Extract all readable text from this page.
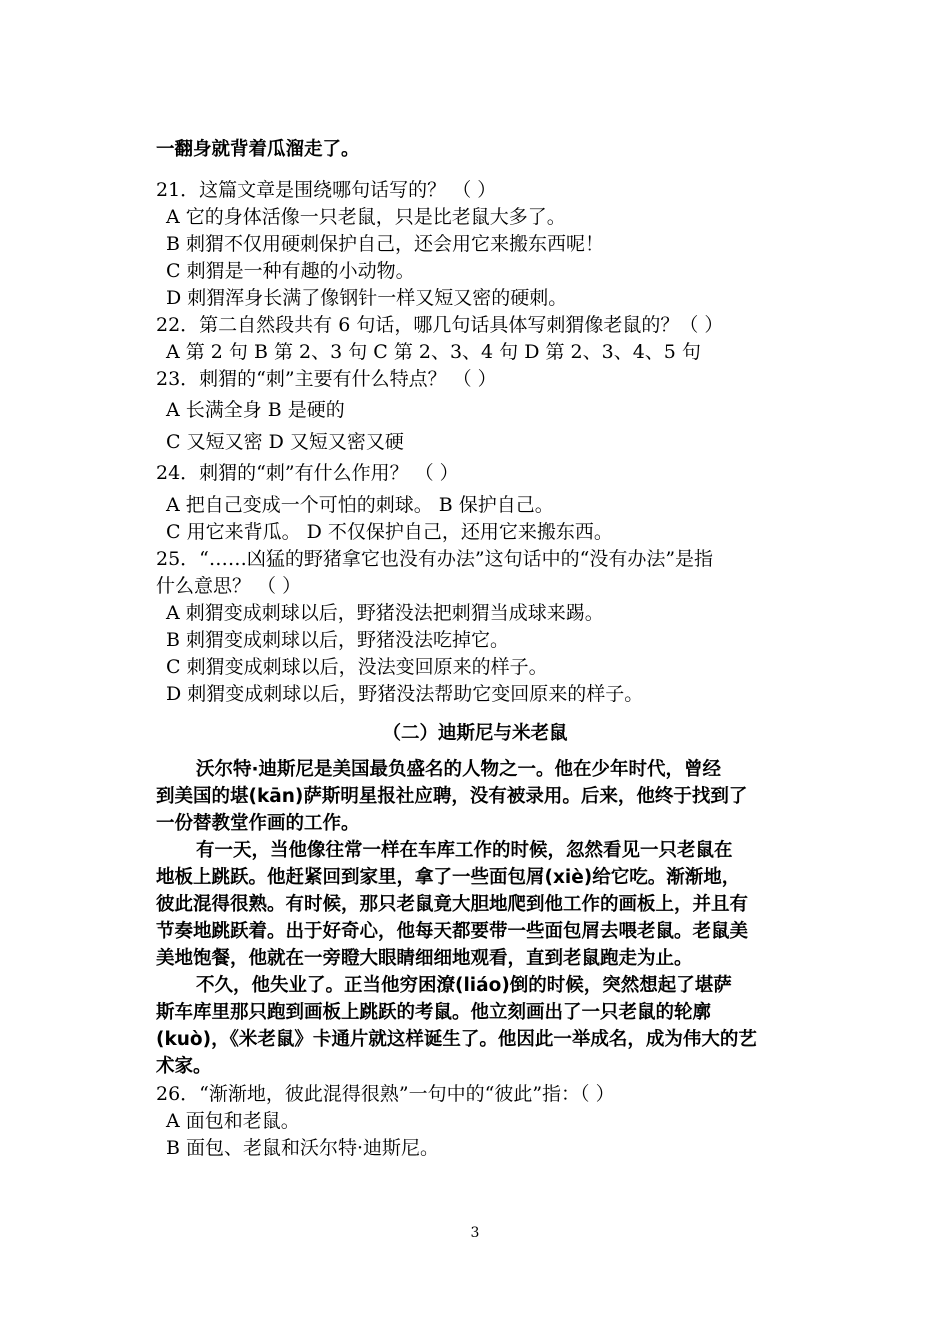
一翻身就背着瓜溜走了。
21．这篇文章是围绕哪句话写的？ （ ）
A 它的身体活像一只老鼠，只是比老鼠大多了。
B 刺猬不仅用硬刺保护自己，还会用它来搬东西呢！
C 刺猬是一种有趣的小动物。
D 刺猬浑身长满了像钢针一样又短又密的硬刺。
22．第二自然段共有 6 句话，哪几句话具体写刺猬像老鼠的？（ ）
A 第 2 句 B 第 2、3 句 C 第 2、3、4 句 D 第 2、3、4、5 句
23．刺猬的“刺”主要有什么特点？ （ ）
A 长满全身 B 是硬的
C 又短又密 D 又短又密又硬
24．刺猬的“刺”有什么作用？ （ ）
A 把自己变成一个可怕的刺球。 B 保护自己。
C 用它来背瓜。 D 不仅保护自己，还用它来搬东西。
25．“……凶猛的野猪拿它也没有办法”这句话中的“没有办法”是指
什么意思？ （ ）
A 刺猬变成刺球以后，野猪没法把刺猬当成球来踢。
B 刺猬变成刺球以后，野猪没法吃掉它。
C 刺猬变成刺球以后，没法变回原来的样子。
D 刺猬变成刺球以后，野猪没法帮助它变回原来的样子。
（二）迪斯尼与米老鼠
沃尔特·迪斯尼是美国最负盛名的人物之一。他在少年时代，曾经
到美国的堪(kān)萨斯明星报社应聘，没有被录用。后来，他终于找到了
一份替教堂作画的工作。
有一天，当他像往常一样在车库工作的时候，忽然看见一只老鼠在
地板上跳跃。他赶紧回到家里，拿了一些面包屑(xiè)给它吃。渐渐地，
彼此混得很熟。有时候，那只老鼠竟大胆地爬到他工作的画板上，并且有
节奏地跳跃着。出于好奇心，他每天都要带一些面包屑去喂老鼠。老鼠美
美地饱餐，他就在一旁瞪大眼睛细细地观看，直到老鼠跑走为止。
不久，他失业了。正当他穷困潦(liáo)倒的时候，突然想起了堪萨
斯车库里那只跑到画板上跳跃的考鼠。他立刻画出了一只老鼠的轮廓
(kuò)，《米老鼠》卡通片就这样诞生了。他因此一举成名，成为伟大的艺
术家。
26．“渐渐地，彼此混得很熟”一句中的“彼此”指：（ ）
A 面包和老鼠。
B 面包、老鼠和沃尔特·迪斯尼。
3
